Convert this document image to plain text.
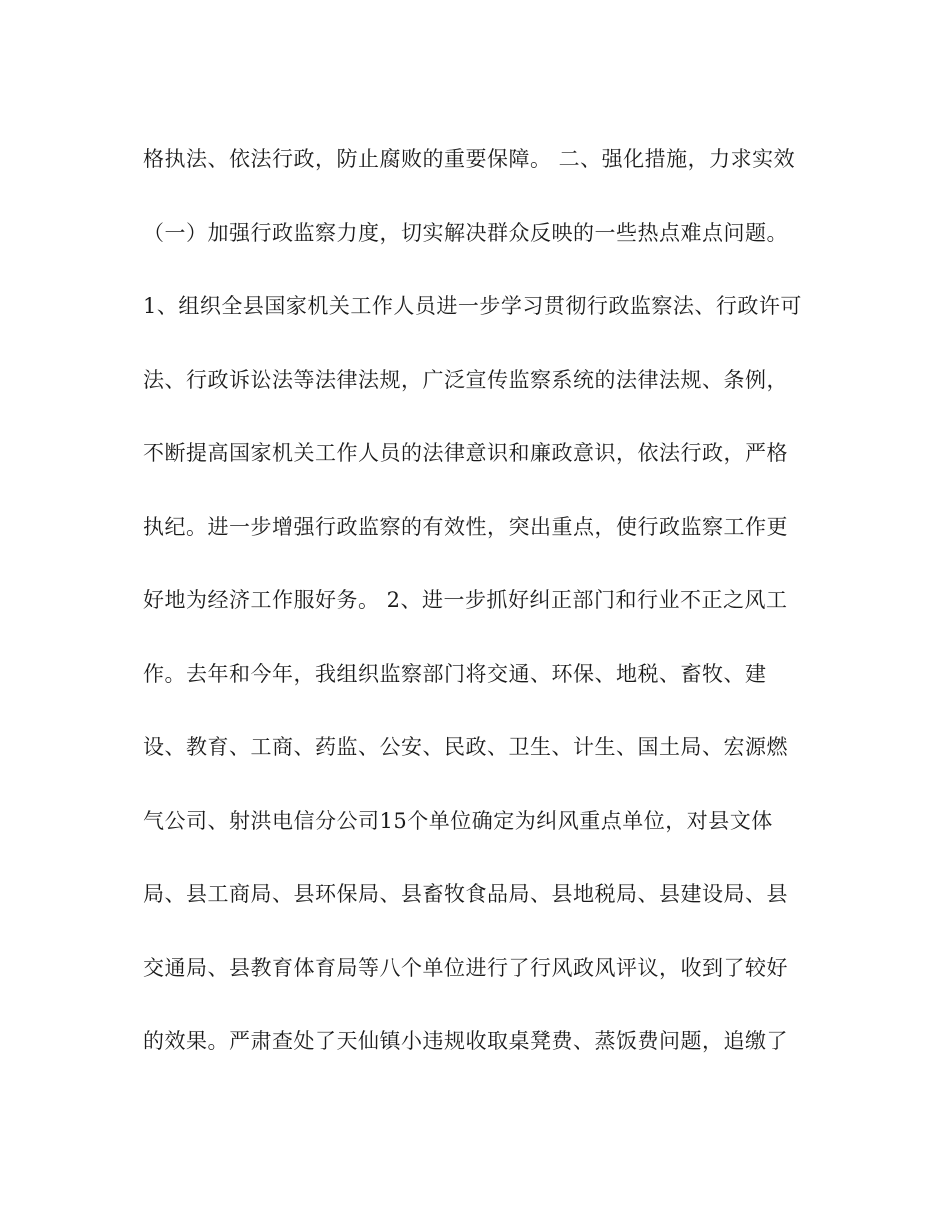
格执法、依法行政，防止腐败的重要保障。 二、强化措施，力求实效
（一）加强行政监察力度，切实解决群众反映的一些热点难点问题。
1、组织全县国家机关工作人员进一步学习贯彻行政监察法、行政许可
法、行政诉讼法等法律法规，广泛宣传监察系统的法律法规、条例，
不断提高国家机关工作人员的法律意识和廉政意识，依法行政，严格
执纪。进一步增强行政监察的有效性，突出重点，使行政监察工作更
好地为经济工作服好务。 2、进一步抓好纠正部门和行业不正之风工
作。去年和今年，我组织监察部门将交通、环保、地税、畜牧、建
设、教育、工商、药监、公安、民政、卫生、计生、国土局、宏源燃
气公司、射洪电信分公司15个单位确定为纠风重点单位，对县文体
局、县工商局、县环保局、县畜牧食品局、县地税局、县建设局、县
交通局、县教育体育局等八个单位进行了行风政风评议，收到了较好
的效果。严肃查处了天仙镇小违规收取桌凳费、蒸饭费问题，追缴了
